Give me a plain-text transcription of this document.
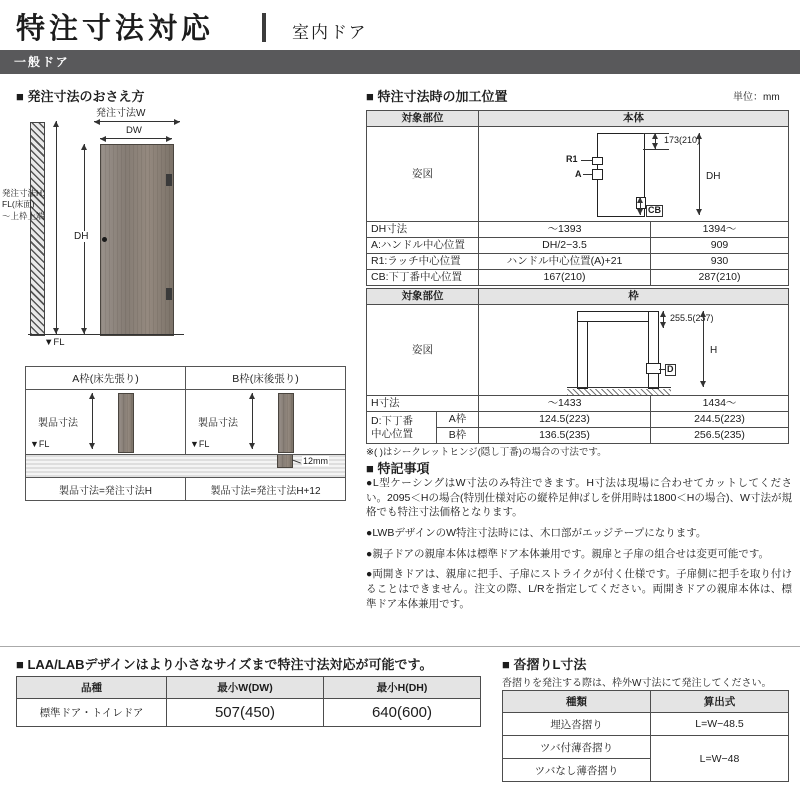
特注寸法対応	室内ドア
一般ドア
■ 発注寸法のおさえ方
発注寸法W
DW
DH
発注寸法H:
FL(床面)
〜上枠上端
▼FL
A枠(床先張り)	B枠(床後張り)

製品寸法
▼FL

製品寸法
▼FL

12mm	

製品寸法=発注寸法H	製品寸法=発注寸法H+12
■ 特注寸法時の加工位置	単位：mm
対象部位	本体	
姿図	173(210)
DH
R1
A
CB	

DH寸法	〜1393	1394〜
A:ハンドル中心位置	DH/2−3.5	909
R1:ラッチ中心位置	ハンドル中心位置(A)+21	930
CB:下丁番中心位置	167(210)	287(210)
対象部位		枠	
姿図		255.5(237)
H
D	

H寸法		〜1433	1434〜

D:下丁番
中心位置	A枠	124.5(223)	244.5(223)
	B枠	136.5(235)	256.5(235)
※( )はシークレットヒンジ(隠し丁番)の場合の寸法です。
■ 特記事項
●L型ケーシングはW寸法のみ特注できます。H寸法は現場に合わせてカットしてください。2095＜Hの場合(特別仕様対応の縦枠足伸ばしを併用時は1800＜Hの場合)、W寸法が規格でも特注寸法価格となります。
●LWBデザインのW特注寸法時には、木口部がエッジテープになります。
●親子ドアの親扉本体は標準ドア本体兼用です。親扉と子扉の組合せは変更可能です。
●両開きドアは、親扉に把手、子扉にストライクが付く仕様です。子扉側に把手を取り付けることはできません。注文の際、L/Rを指定してください。両開きドアの親扉本体は、標準ドア本体兼用です。
■ LAA/LABデザインはより小さなサイズまで特注寸法対応が可能です。
品種	最小W(DW)	最小H(DH)
標準ドア・トイレドア	507(450)	640(600)
■ 沓摺りL寸法
沓摺りを発注する際は、枠外W寸法にて発注してください。
種類	算出式
埋込沓摺り	L=W−48.5
ツバ付薄沓摺り	L=W−48
ツバなし薄沓摺り	
